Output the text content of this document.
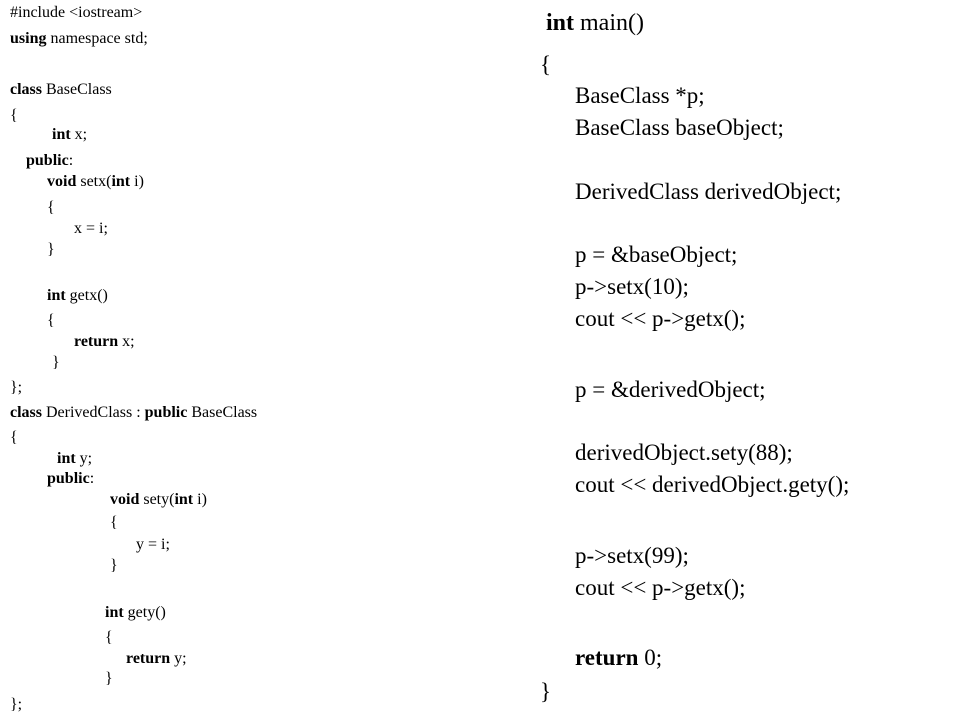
#include <iostream>
using namespace std;
class BaseClass
{
int x;
public:
void setx(int i)
{
x = i;
}
int getx()
{
return x;
}
};
class DerivedClass : public BaseClass
{
int y;
public:
void sety(int i)
{
y = i;
}
int gety()
{
return y;
}
};
int main()
{
BaseClass *p;
BaseClass baseObject;
DerivedClass derivedObject;
p = &baseObject;
p->setx(10);
cout << p->getx();
p = &derivedObject;
derivedObject.sety(88);
cout << derivedObject.gety();
p->setx(99);
cout << p->getx();
return 0;
}
